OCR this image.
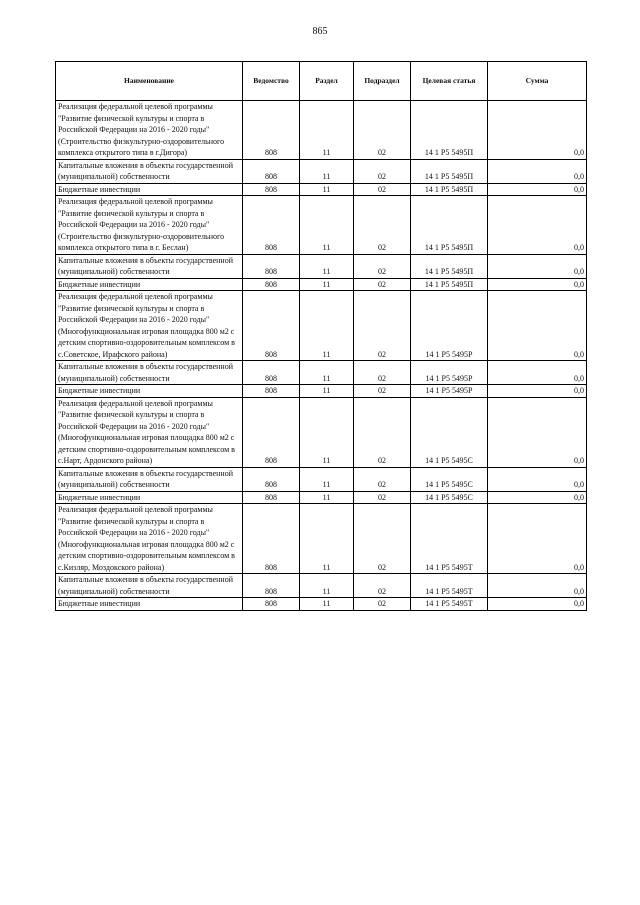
865
Наименование	Ведомство	Раздел	Подраздел	Целевая статья	Сумма
Реализация федеральной целевой программы "Развитие физической культуры и спорта в Российской Федерации на 2016 - 2020 годы"(Строительство физкультурно-оздоровительного комплекса открытого типа в г.Дигора)	808	11	02	14 1 P5 5495П	0,0
Капитальные вложения в объекты государственной (муниципальной) собственности	808	11	02	14 1 P5 5495П	0,0
Бюджетные инвестиции	808	11	02	14 1 P5 5495П	0,0
Реализация федеральной целевой программы "Развитие физической культуры и спорта в Российской Федерации на 2016 - 2020 годы"(Строительство физкультурно-оздоровительного комплекса открытого типа в г. Беслан)	808	11	02	14 1 P5 5495П	0,0
Капитальные вложения в объекты государственной (муниципальной) собственности	808	11	02	14 1 P5 5495П	0,0
Бюджетные инвестиции	808	11	02	14 1 P5 5495П	0,0
Реализация федеральной целевой программы "Развитие физической культуры и спорта в Российской Федерации на 2016 - 2020 годы"(Многофункциональная игровая площадка 800 м2 с детским спортивно-оздоровительным комплексом в с.Советское, Ирафского района)	808	11	02	14 1 P5 5495P	0,0
Капитальные вложения в объекты государственной (муниципальной) собственности	808	11	02	14 1 P5 5495P	0,0
Бюджетные инвестиции	808	11	02	14 1 P5 5495P	0,0
Реализация федеральной целевой программы "Развитие физической культуры и спорта в Российской Федерации на 2016 - 2020 годы"(Многофункциональная игровая площадка 800 м2 с детским спортивно-оздоровительным комплексом в с.Нарт, Ардонского района)	808	11	02	14 1 P5 5495С	0,0
Капитальные вложения в объекты государственной (муниципальной) собственности	808	11	02	14 1 P5 5495С	0,0
Бюджетные инвестиции	808	11	02	14 1 P5 5495С	0,0
Реализация федеральной целевой программы "Развитие физической культуры и спорта в Российской Федерации на 2016 - 2020 годы"(Многофункциональная игровая площадка 800 м2 с детским спортивно-оздоровительным комплексом в с.Кизляр, Моздокского района)	808	11	02	14 1 P5 5495Т	0,0
Капитальные вложения в объекты государственной (муниципальной) собственности	808	11	02	14 1 P5 5495Т	0,0
Бюджетные инвестиции	808	11	02	14 1 P5 5495Т	0,0
